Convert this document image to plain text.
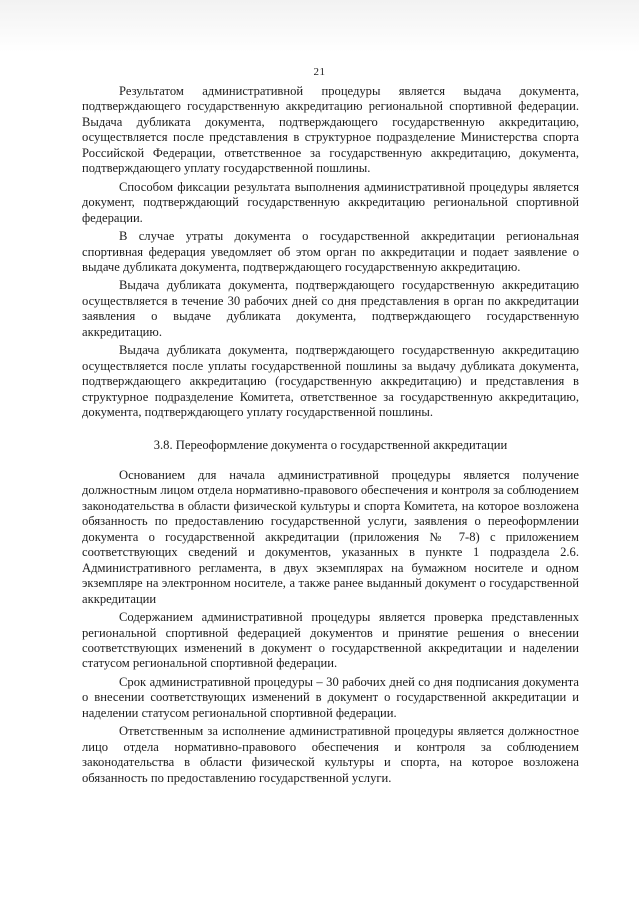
21

Результатом административной процедуры является выдача документа, подтверждающего государственную аккредитацию региональной спортивной федерации. Выдача дубликата документа, подтверждающего государственную аккредитацию, осуществляется после представления в структурное подразделение Министерства спорта Российской Федерации, ответственное за государственную аккредитацию, документа, подтверждающего уплату государственной пошлины.

Способом фиксации результата выполнения административной процедуры является документ, подтверждающий государственную аккредитацию региональной спортивной федерации.

В случае утраты документа о государственной аккредитации региональная спортивная федерация уведомляет об этом орган по аккредитации и подает заявление о выдаче дубликата документа, подтверждающего государственную аккредитацию.

Выдача дубликата документа, подтверждающего государственную аккредитацию осуществляется в течение 30 рабочих дней со дня представления в орган по аккредитации заявления о выдаче дубликата документа, подтверждающего государственную аккредитацию.

Выдача дубликата документа, подтверждающего государственную аккредитацию осуществляется после уплаты государственной пошлины за выдачу дубликата документа, подтверждающего аккредитацию (государственную аккредитацию) и представления в структурное подразделение Комитета, ответственное за государственную аккредитацию, документа, подтверждающего уплату государственной пошлины.

3.8. Переоформление документа о государственной аккредитации

Основанием для начала административной процедуры является получение должностным лицом отдела нормативно-правового обеспечения и контроля за соблюдением законодательства в области физической культуры и спорта Комитета, на которое возложена обязанность по предоставлению государственной услуги, заявления о переоформлении документа о государственной аккредитации (приложения № 7-8) с приложением соответствующих сведений и документов, указанных в пункте 1 подраздела 2.6. Административного регламента, в двух экземплярах на бумажном носителе и одном экземпляре на электронном носителе, а также ранее выданный документ о государственной аккредитации

Содержанием административной процедуры является проверка представленных региональной спортивной федерацией документов и принятие решения о внесении соответствующих изменений в документ о государственной аккредитации и наделении статусом региональной спортивной федерации.

Срок административной процедуры – 30 рабочих дней со дня подписания документа о внесении соответствующих изменений в документ о государственной аккредитации и наделении статусом региональной спортивной федерации.

Ответственным за исполнение административной процедуры является должностное лицо отдела нормативно-правового обеспечения и контроля за соблюдением законодательства в области физической культуры и спорта, на которое возложена обязанность по предоставлению государственной услуги.
